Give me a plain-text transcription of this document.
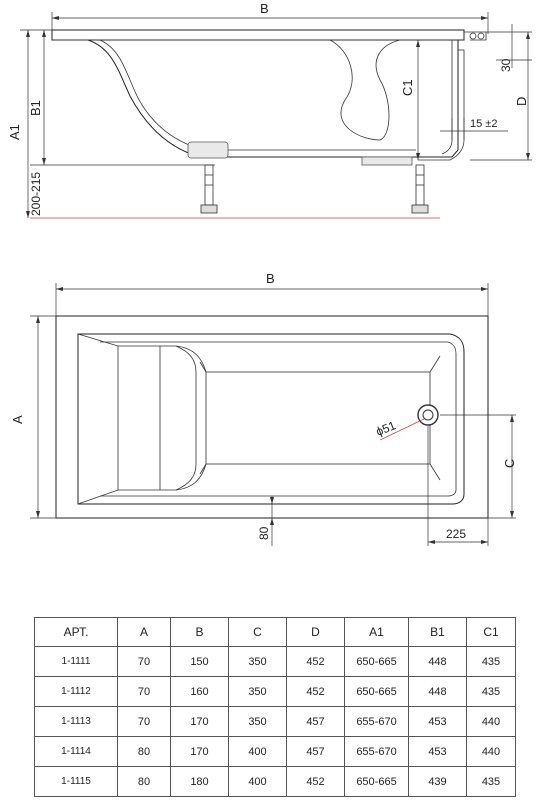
B
A1
B1
200-215
C1
D
30
15 ±2
B
ϕ51
A
C
80	225
АРТ.	A	B	C	D	A1	B1	C1
1-1111	70	150	350	452	650-665	448	435
1-1112	70	160	350	452	650-665	448	435
1-1113	70	170	350	457	655-670	453	440
1-1114	80	170	400	457	655-670	453	440
1-1115	80	180	400	452	650-665	439	435
